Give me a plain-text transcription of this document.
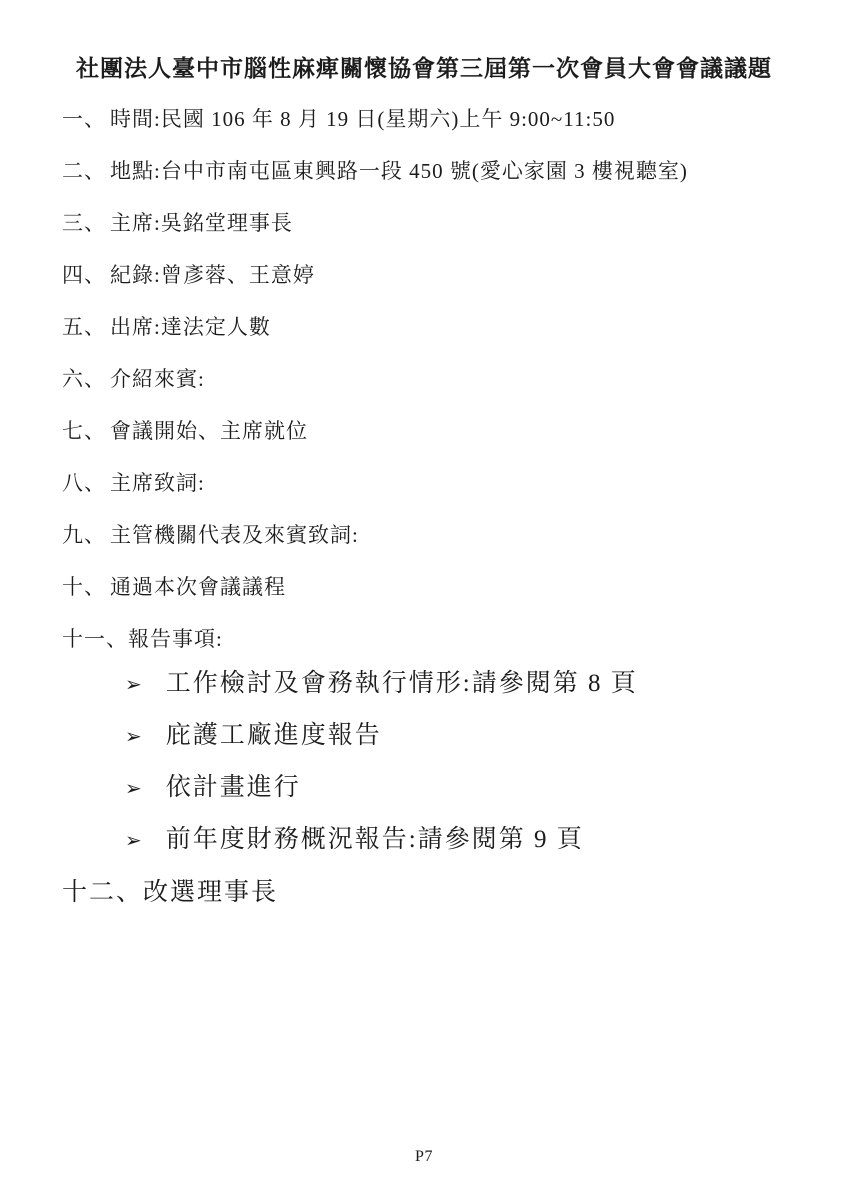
社團法人臺中市腦性麻痺關懷協會第三屆第一次會員大會會議議題
一、 時間:民國 106 年 8 月 19 日(星期六)上午 9:00~11:50
二、 地點:台中市南屯區東興路一段 450 號(愛心家園 3 樓視聽室)
三、 主席:吳銘堂理事長
四、 紀錄:曾彥蓉、王意婷
五、 出席:達法定人數
六、 介紹來賓:
七、 會議開始、主席就位
八、 主席致詞:
九、 主管機關代表及來賓致詞:
十、 通過本次會議議程
十一、 報告事項:
➢ 工作檢討及會務執行情形:請參閱第 8 頁
➢ 庇護工廠進度報告
➢ 依計畫進行
➢ 前年度財務概況報告:請參閱第 9 頁
十二、 改選理事長
P7
